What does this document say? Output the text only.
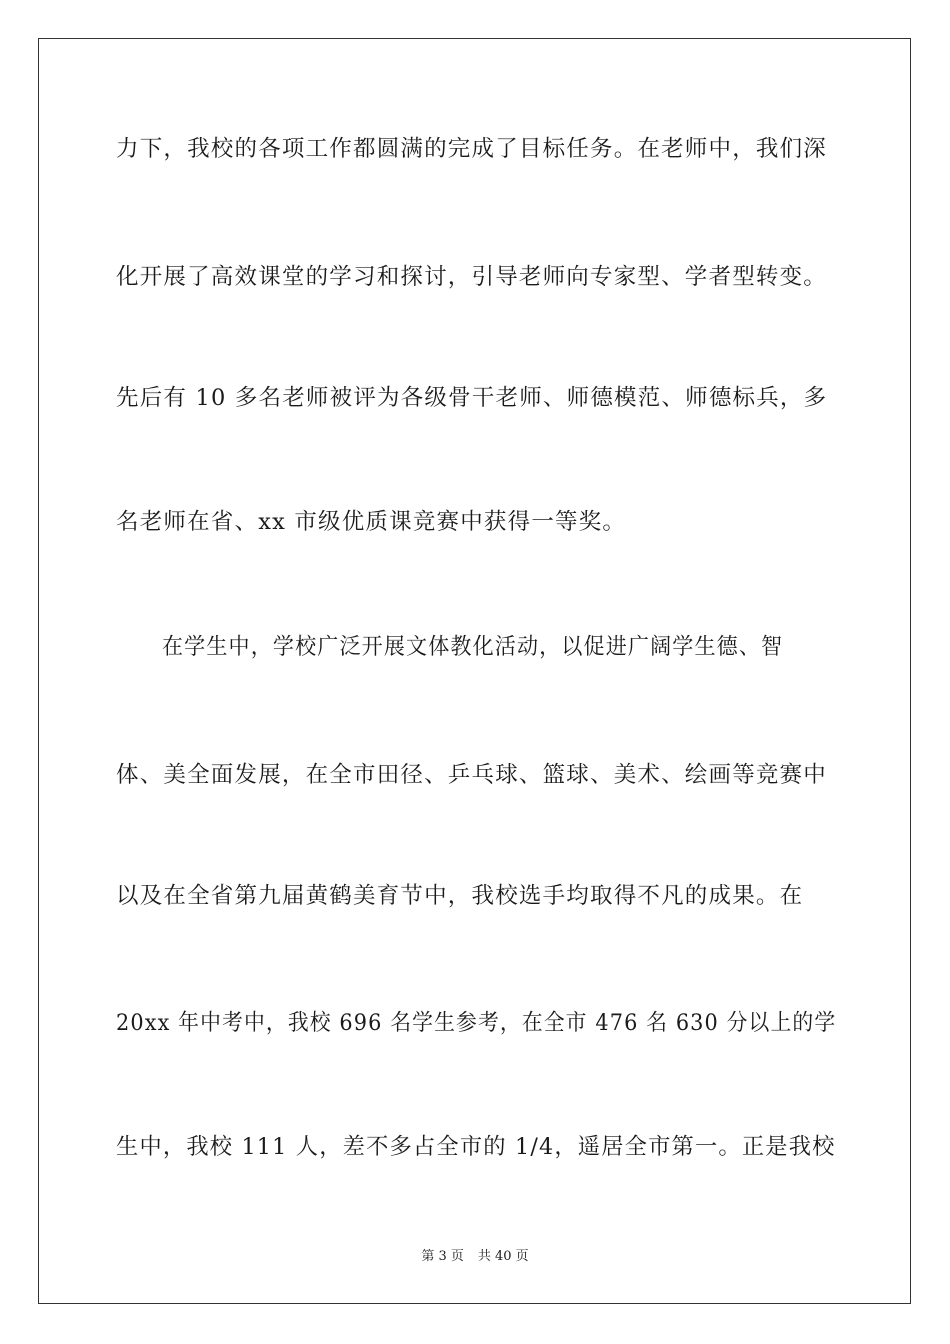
力下，我校的各项工作都圆满的完成了目标任务。在老师中，我们深
化开展了高效课堂的学习和探讨，引导老师向专家型、学者型转变。
先后有 10 多名老师被评为各级骨干老师、师德模范、师德标兵，多
名老师在省、xx 市级优质课竞赛中获得一等奖。
在学生中，学校广泛开展文体教化活动，以促进广阔学生德、智
体、美全面发展，在全市田径、乒乓球、篮球、美术、绘画等竞赛中
以及在全省第九届黄鹤美育节中，我校选手均取得不凡的成果。在
20xx 年中考中，我校 696 名学生参考，在全市 476 名 630 分以上的学
生中，我校 111 人，差不多占全市的 1/4，遥居全市第一。正是我校
第 3 页 共 40 页
